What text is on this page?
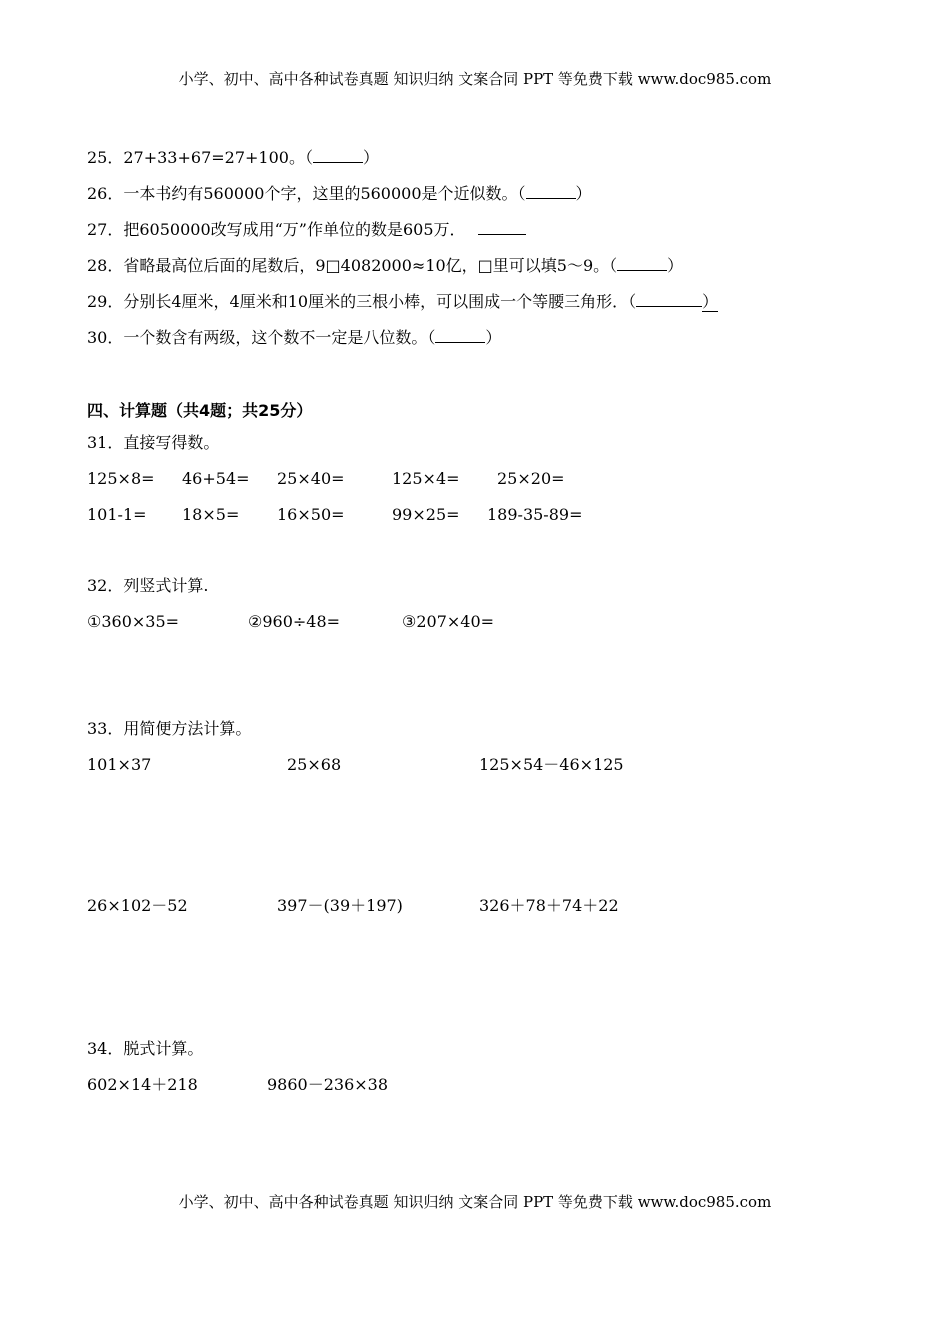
小学、初中、高中各种试卷真题 知识归纳 文案合同 PPT 等免费下载 www.doc985.com
25．27+33+67=27+100。（	）
26．一本书约有560000个字，这里的560000是个近似数。（	）
27．把6050000改写成用“万”作单位的数是605万．
28．省略最高位后面的尾数后，9□4082000≈10亿，□里可以填5～9。（	）
29．分别长4厘米，4厘米和10厘米的三根小棒，可以围成一个等腰三角形．（	）
30．一个数含有两级，这个数不一定是八位数。（	）
四、计算题（共4题；共25分）
31．直接写得数。
125×8= 46+54= 25×40=	125×4= 25×20=
101-1= 18×5= 16×50=	99×25= 189-35-89=
32．列竖式计算.
①360×35=	②960÷48=	③207×40=
33．用简便方法计算。
101×37	25×68	125×54－46×125
26×102－52	397－(39＋197)	326＋78＋74＋22
34．脱式计算。
602×14＋218	9860－236×38
小学、初中、高中各种试卷真题 知识归纳 文案合同 PPT 等免费下载 www.doc985.com
